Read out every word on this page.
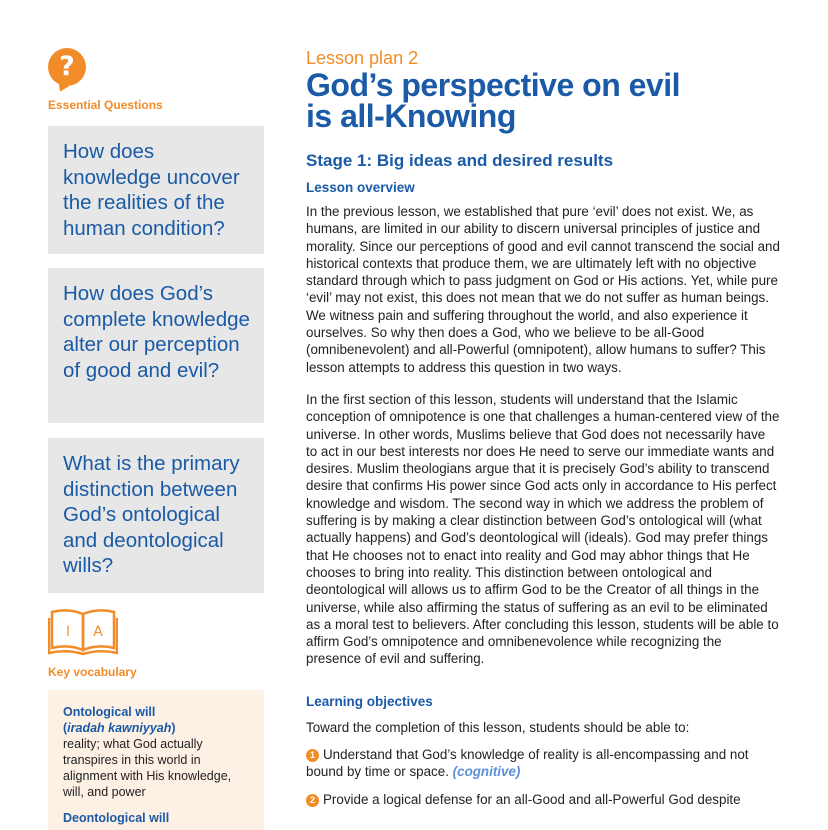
?
Essential Questions
How does knowledge uncover the realities of the human condition?
How does God’s complete knowledge alter our perception of good and evil?
What is the primary distinction between God’s ontological and deontological wills?
ا A
Key vocabulary
Ontological will
(iradah kawniyyah)
reality; what God actually transpires in this world in alignment with His knowledge, will, and power
Deontological will
Lesson plan 2
God’s perspective on evil
is all-Knowing
Stage 1: Big ideas and desired results
Lesson overview
In the previous lesson, we established that pure ‘evil’ does not exist. We, as humans, are limited in our ability to discern universal principles of justice and morality. Since our perceptions of good and evil cannot transcend the social and historical contexts that produce them, we are ultimately left with no objective standard through which to pass judgment on God or His actions. Yet, while pure ‘evil’ may not exist, this does not mean that we do not suffer as human beings. We witness pain and suffering throughout the world, and also experience it ourselves. So why then does a God, who we believe to be all-Good (omnibenevolent) and all-Powerful (omnipotent), allow humans to suffer? This lesson attempts to address this question in two ways.
In the first section of this lesson, students will understand that the Islamic conception of omnipotence is one that challenges a human-centered view of the universe. In other words, Muslims believe that God does not necessarily have to act in our best interests nor does He need to serve our immediate wants and desires. Muslim theologians argue that it is precisely God’s ability to transcend desire that confirms His power since God acts only in accordance to His perfect knowledge and wisdom. The second way in which we address the problem of suffering is by making a clear distinction between God’s ontological will (what actually happens) and God’s deontological will (ideals). God may prefer things that He chooses not to enact into reality and God may abhor things that He chooses to bring into reality. This distinction between ontological and deontological will allows us to affirm God to be the Creator of all things in the universe, while also affirming the status of suffering as an evil to be eliminated as a moral test to believers. After concluding this lesson, students will be able to affirm God’s omnipotence and omnibenevolence while recognizing the presence of evil and suffering.
Learning objectives
Toward the completion of this lesson, students should be able to:
1 Understand that God’s knowledge of reality is all-encompassing and not bound by time or space. (cognitive)
2 Provide a logical defense for an all-Good and all-Powerful God despite
